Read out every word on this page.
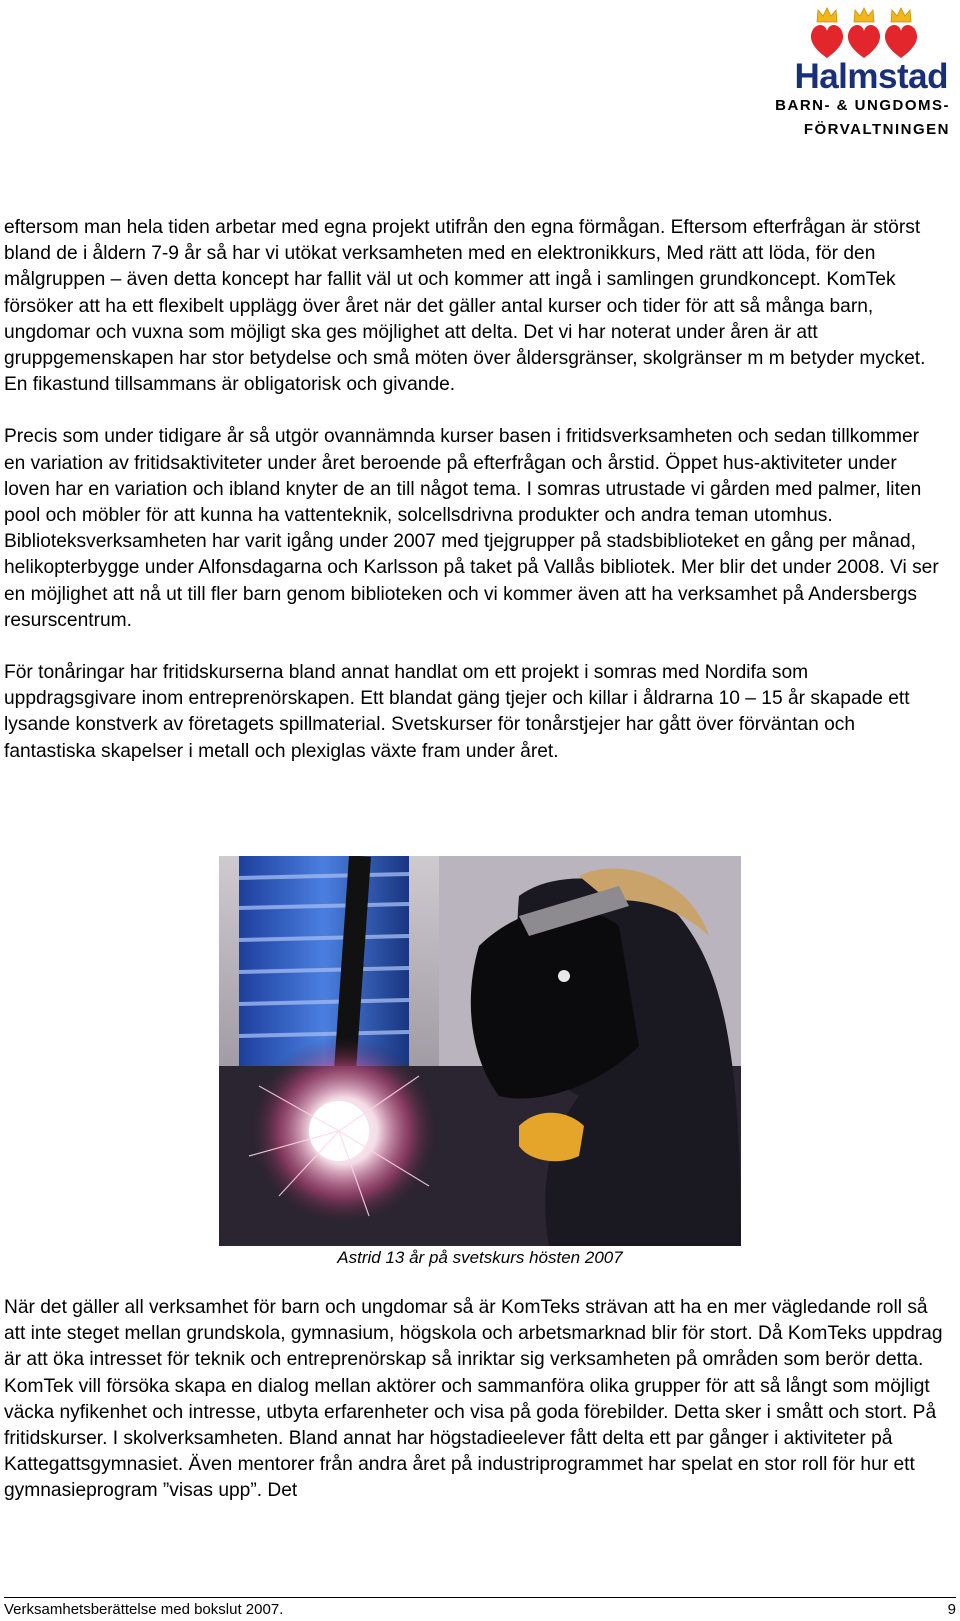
Halmstad
BARN- & UNGDOMS-
FÖRVALTNINGEN

eftersom man hela tiden arbetar med egna projekt utifrån den egna förmågan. Eftersom efterfrågan är störst bland de i åldern 7-9 år så har vi utökat verksamheten med en elektronikkurs, Med rätt att löda, för den målgruppen – även detta koncept har fallit väl ut och kommer att ingå i samlingen grundkoncept. KomTek försöker att ha ett flexibelt upplägg över året när det gäller antal kurser och tider för att så många barn, ungdomar och vuxna som möjligt ska ges möjlighet att delta. Det vi har noterat under åren är att gruppgemenskapen har stor betydelse och små möten över åldersgränser, skolgränser m m betyder mycket. En fikastund tillsammans är obligatorisk och givande.

Precis som under tidigare år så utgör ovannämnda kurser basen i fritidsverksamheten och sedan tillkommer en variation av fritidsaktiviteter under året beroende på efterfrågan och årstid. Öppet hus-aktiviteter under loven har en variation och ibland knyter de an till något tema. I somras utrustade vi gården med palmer, liten pool och möbler för att kunna ha vattenteknik, solcellsdrivna produkter och andra teman utomhus. Biblioteksverksamheten har varit igång under 2007 med tjejgrupper på stadsbiblioteket en gång per månad, helikopterbygge under Alfonsdagarna och Karlsson på taket på Vallås bibliotek. Mer blir det under 2008. Vi ser en möjlighet att nå ut till fler barn genom biblioteken och vi kommer även att ha verksamhet på Andersbergs resurscentrum.

För tonåringar har fritidskurserna bland annat handlat om ett projekt i somras med Nordifa som uppdragsgivare inom entreprenörskapen. Ett blandat gäng tjejer och killar i åldrarna 10 – 15 år skapade ett lysande konstverk av företagets spillmaterial. Svetskurser för tonårstjejer har gått över förväntan och fantastiska skapelser i metall och plexiglas växte fram under året.

Astrid 13 år på svetskurs hösten 2007

När det gäller all verksamhet för barn och ungdomar så är KomTeks strävan att ha en mer vägledande roll så att inte steget mellan grundskola, gymnasium, högskola och arbetsmarknad blir för stort. Då KomTeks uppdrag är att öka intresset för teknik och entreprenörskap så inriktar sig verksamheten på områden som berör detta. KomTek vill försöka skapa en dialog mellan aktörer och sammanföra olika grupper för att så långt som möjligt väcka nyfikenhet och intresse, utbyta erfarenheter och visa på goda förebilder. Detta sker i smått och stort. På fritidskurser. I skolverksamheten. Bland annat har högstadieelever fått delta ett par gånger i aktiviteter på Kattegattsgymnasiet. Även mentorer från andra året på industriprogrammet har spelat en stor roll för hur ett gymnasieprogram ”visas upp”. Det

Verksamhetsberättelse med bokslut 2007.	9
